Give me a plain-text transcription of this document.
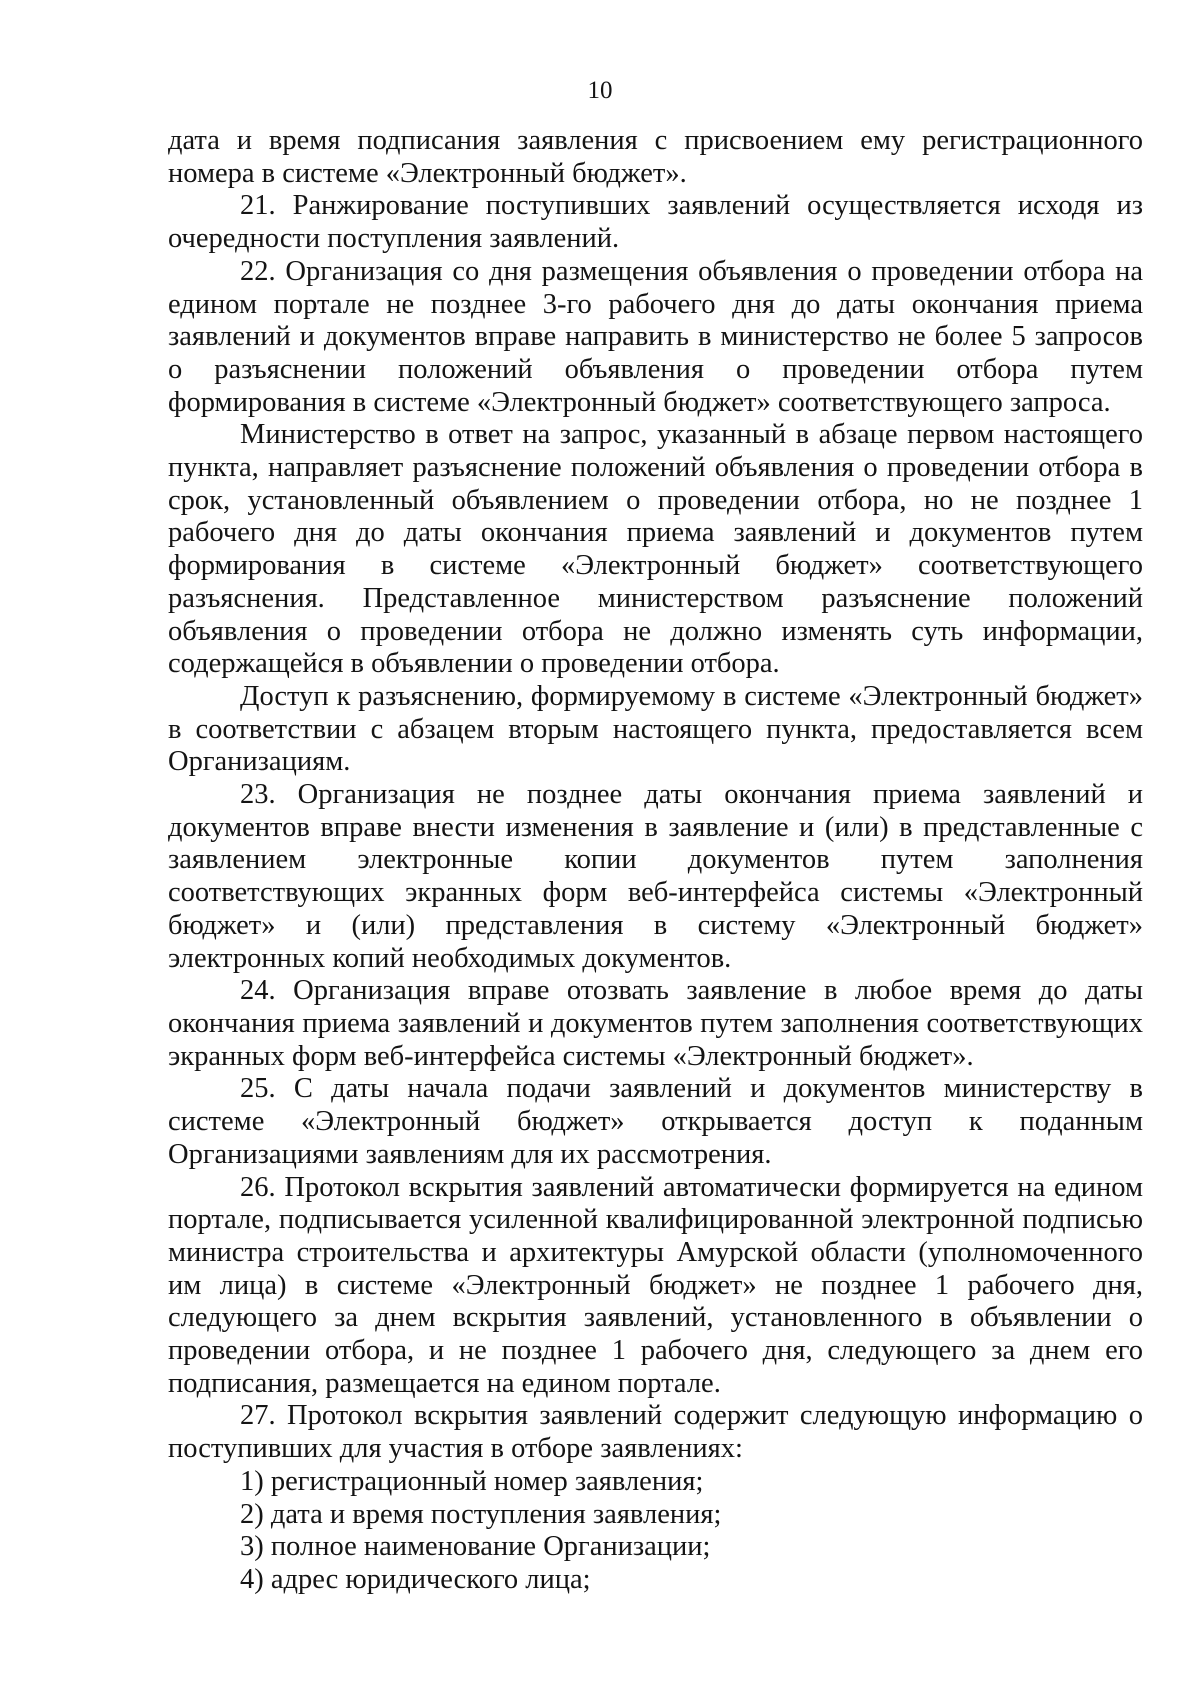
10

дата и время подписания заявления с присвоением ему регистрационного номера в системе «Электронный бюджет».

21. Ранжирование поступивших заявлений осуществляется исходя из очередности поступления заявлений.

22. Организация со дня размещения объявления о проведении отбора на едином портале не позднее 3-го рабочего дня до даты окончания приема заявлений и документов вправе направить в министерство не более 5 запросов о разъяснении положений объявления о проведении отбора путем формирования в системе «Электронный бюджет» соответствующего запроса.

Министерство в ответ на запрос, указанный в абзаце первом настоящего пункта, направляет разъяснение положений объявления о проведении отбора в срок, установленный объявлением о проведении отбора, но не позднее 1 рабочего дня до даты окончания приема заявлений и документов путем формирования в системе «Электронный бюджет» соответствующего разъяснения. Представленное министерством разъяснение положений объявления о проведении отбора не должно изменять суть информации, содержащейся в объявлении о проведении отбора.

Доступ к разъяснению, формируемому в системе «Электронный бюджет» в соответствии с абзацем вторым настоящего пункта, предоставляется всем Организациям.

23. Организация не позднее даты окончания приема заявлений и документов вправе внести изменения в заявление и (или) в представленные с заявлением электронные копии документов путем заполнения соответствующих экранных форм веб-интерфейса системы «Электронный бюджет» и (или) представления в систему «Электронный бюджет» электронных копий необходимых документов.

24. Организация вправе отозвать заявление в любое время до даты окончания приема заявлений и документов путем заполнения соответствующих экранных форм веб-интерфейса системы «Электронный бюджет».

25. С даты начала подачи заявлений и документов министерству в системе «Электронный бюджет» открывается доступ к поданным Организациями заявлениям для их рассмотрения.

26. Протокол вскрытия заявлений автоматически формируется на едином портале, подписывается усиленной квалифицированной электронной подписью министра строительства и архитектуры Амурской области (уполномоченного им лица) в системе «Электронный бюджет» не позднее 1 рабочего дня, следующего за днем вскрытия заявлений, установленного в объявлении о проведении отбора, и не позднее 1 рабочего дня, следующего за днем его подписания, размещается на едином портале.

27. Протокол вскрытия заявлений содержит следующую информацию о поступивших для участия в отборе заявлениях:

1) регистрационный номер заявления;

2) дата и время поступления заявления;

3) полное наименование Организации;

4) адрес юридического лица;
